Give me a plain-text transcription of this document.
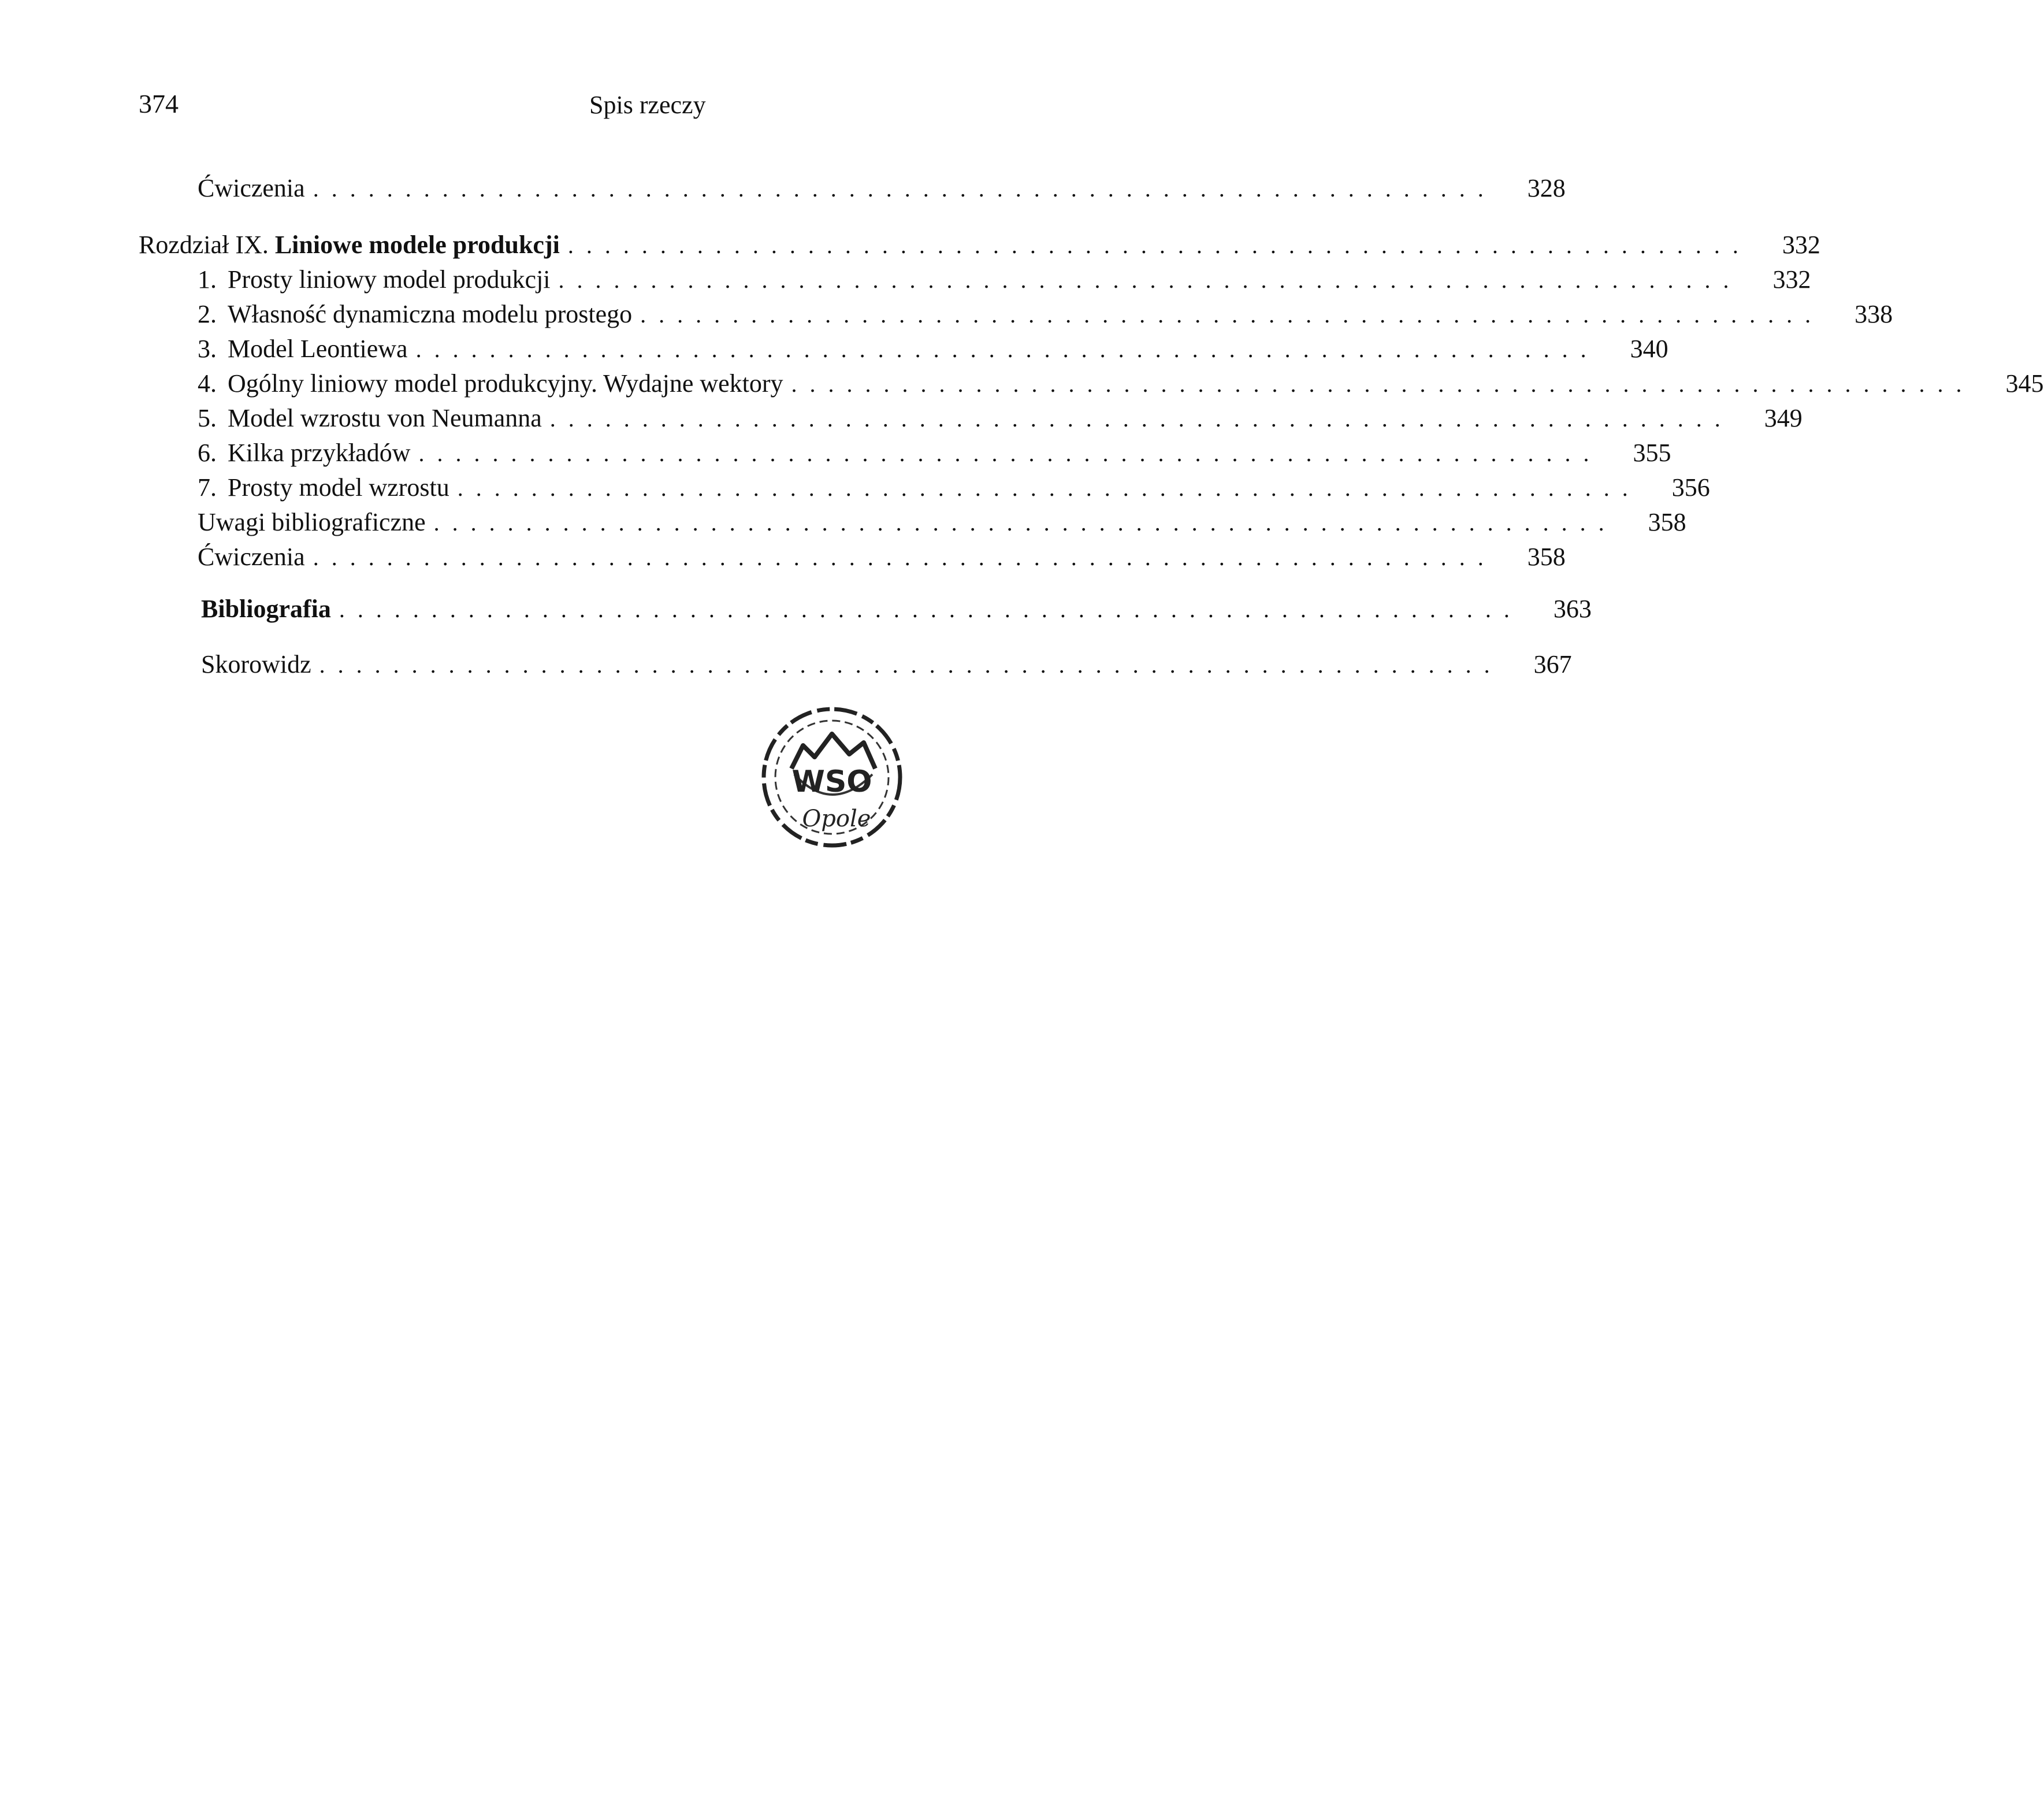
374	Spis rzeczy
Ćwiczenia ................................................................	328
Rozdział IX. Liniowe modele produkcji ................................................................	332
1. Prosty liniowy model produkcji ................................................................	332
2. Własność dynamiczna modelu prostego ................................................................	338
3. Model Leontiewa ................................................................	340
4. Ogólny liniowy model produkcyjny. Wydajne wektory ................................................................	345
5. Model wzrostu von Neumanna ................................................................	349
6. Kilka przykładów ................................................................	355
7. Prosty model wzrostu ................................................................	356
Uwagi bibliograficzne ................................................................	358
Ćwiczenia ................................................................	358
Bibliografia ................................................................	363
Skorowidz ................................................................	367
WSO
Opole
